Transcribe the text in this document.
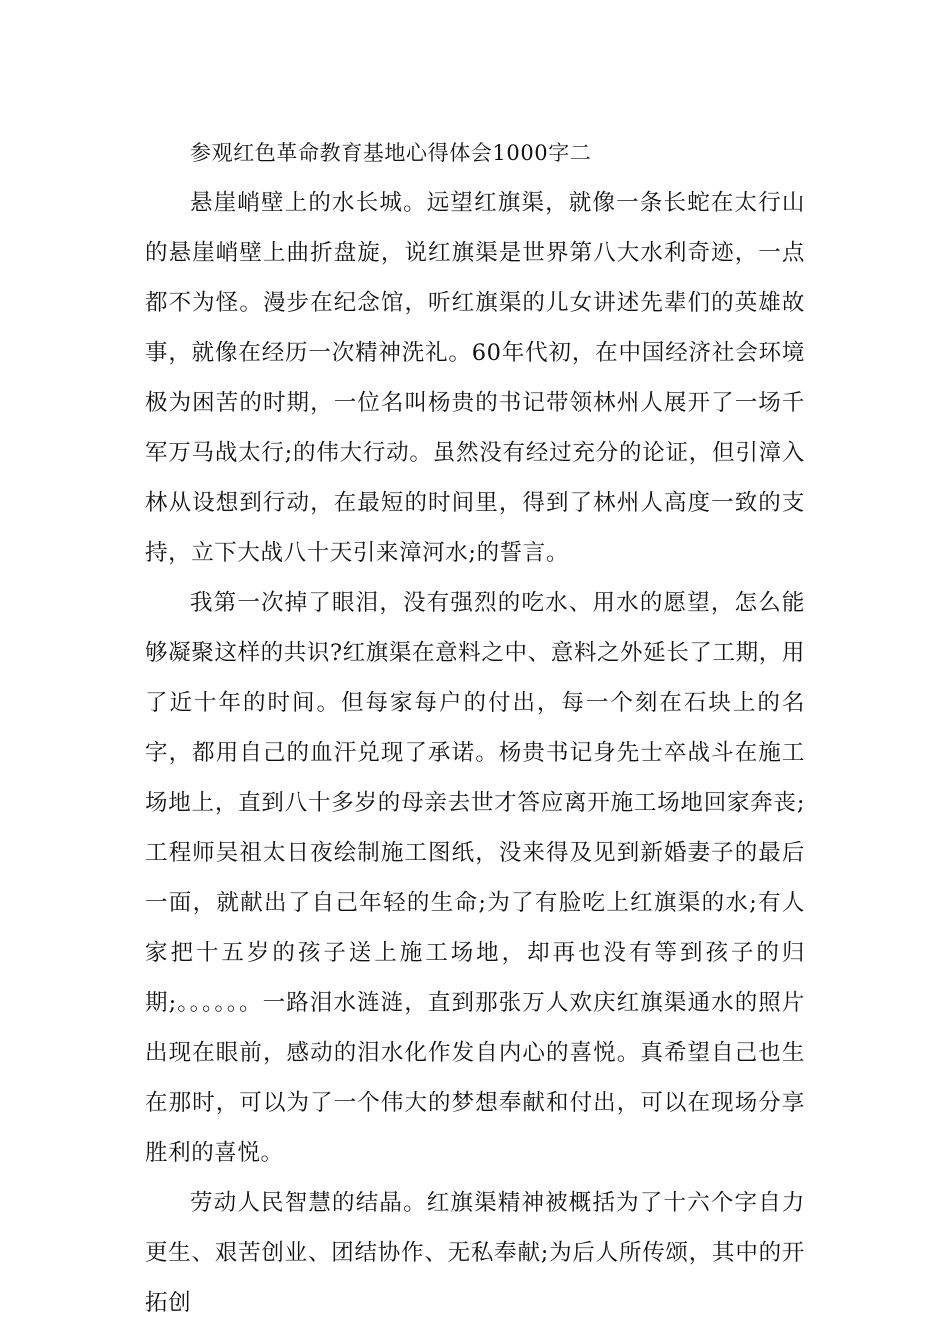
参观红色革命教育基地心得体会1000字二

悬崖峭壁上的水长城。远望红旗渠，就像一条长蛇在太行山的悬崖峭壁上曲折盘旋，说红旗渠是世界第八大水利奇迹，一点都不为怪。漫步在纪念馆，听红旗渠的儿女讲述先辈们的英雄故事，就像在经历一次精神洗礼。60年代初，在中国经济社会环境极为困苦的时期，一位名叫杨贵的书记带领林州人展开了一场千军万马战太行;的伟大行动。虽然没有经过充分的论证，但引漳入林从设想到行动，在最短的时间里，得到了林州人高度一致的支持，立下大战八十天引来漳河水;的誓言。

我第一次掉了眼泪，没有强烈的吃水、用水的愿望，怎么能够凝聚这样的共识?红旗渠在意料之中、意料之外延长了工期，用了近十年的时间。但每家每户的付出，每一个刻在石块上的名字，都用自己的血汗兑现了承诺。杨贵书记身先士卒战斗在施工场地上，直到八十多岁的母亲去世才答应离开施工场地回家奔丧;工程师吴祖太日夜绘制施工图纸，没来得及见到新婚妻子的最后一面，就献出了自己年轻的生命;为了有脸吃上红旗渠的水;有人家把十五岁的孩子送上施工场地，却再也没有等到孩子的归期;。。。。。。一路泪水涟涟，直到那张万人欢庆红旗渠通水的照片出现在眼前，感动的泪水化作发自内心的喜悦。真希望自己也生在那时，可以为了一个伟大的梦想奉献和付出，可以在现场分享胜利的喜悦。

劳动人民智慧的结晶。红旗渠精神被概括为了十六个字自力更生、艰苦创业、团结协作、无私奉献;为后人所传颂，其中的开拓创
